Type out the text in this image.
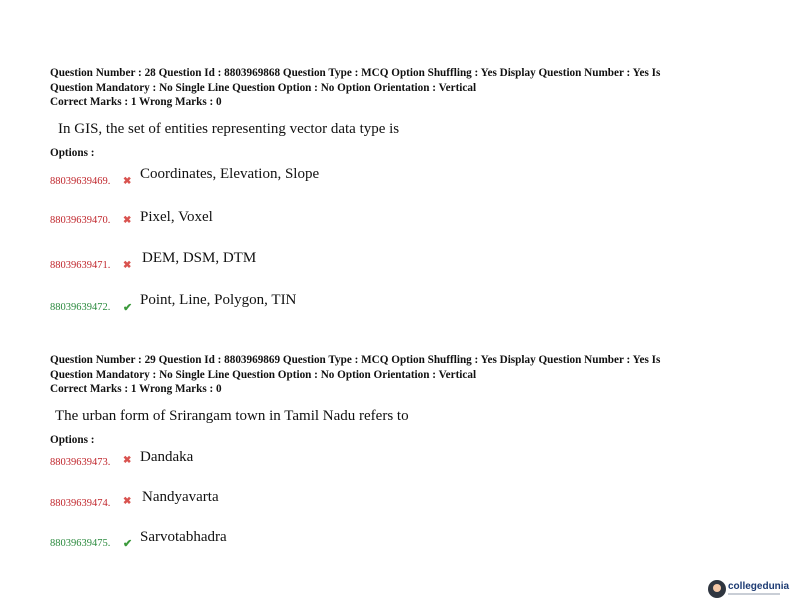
Question Number : 28 Question Id : 8803969868 Question Type : MCQ Option Shuffling : Yes Display Question Number : Yes Is
Question Mandatory : No Single Line Question Option : No Option Orientation : Vertical
Correct Marks : 1 Wrong Marks : 0
In GIS, the set of entities representing vector data type is
Options :
88039639469. ✖ Coordinates, Elevation, Slope
88039639470. ✖ Pixel, Voxel
88039639471. ✖ DEM, DSM, DTM
88039639472. ✔ Point, Line, Polygon, TIN
Question Number : 29 Question Id : 8803969869 Question Type : MCQ Option Shuffling : Yes Display Question Number : Yes Is
Question Mandatory : No Single Line Question Option : No Option Orientation : Vertical
Correct Marks : 1 Wrong Marks : 0
The urban form of Srirangam town in Tamil Nadu refers to
Options :
88039639473. ✖ Dandaka
88039639474. ✖ Nandyavarta
88039639475. ✔ Sarvotabhadra
collegedunia
